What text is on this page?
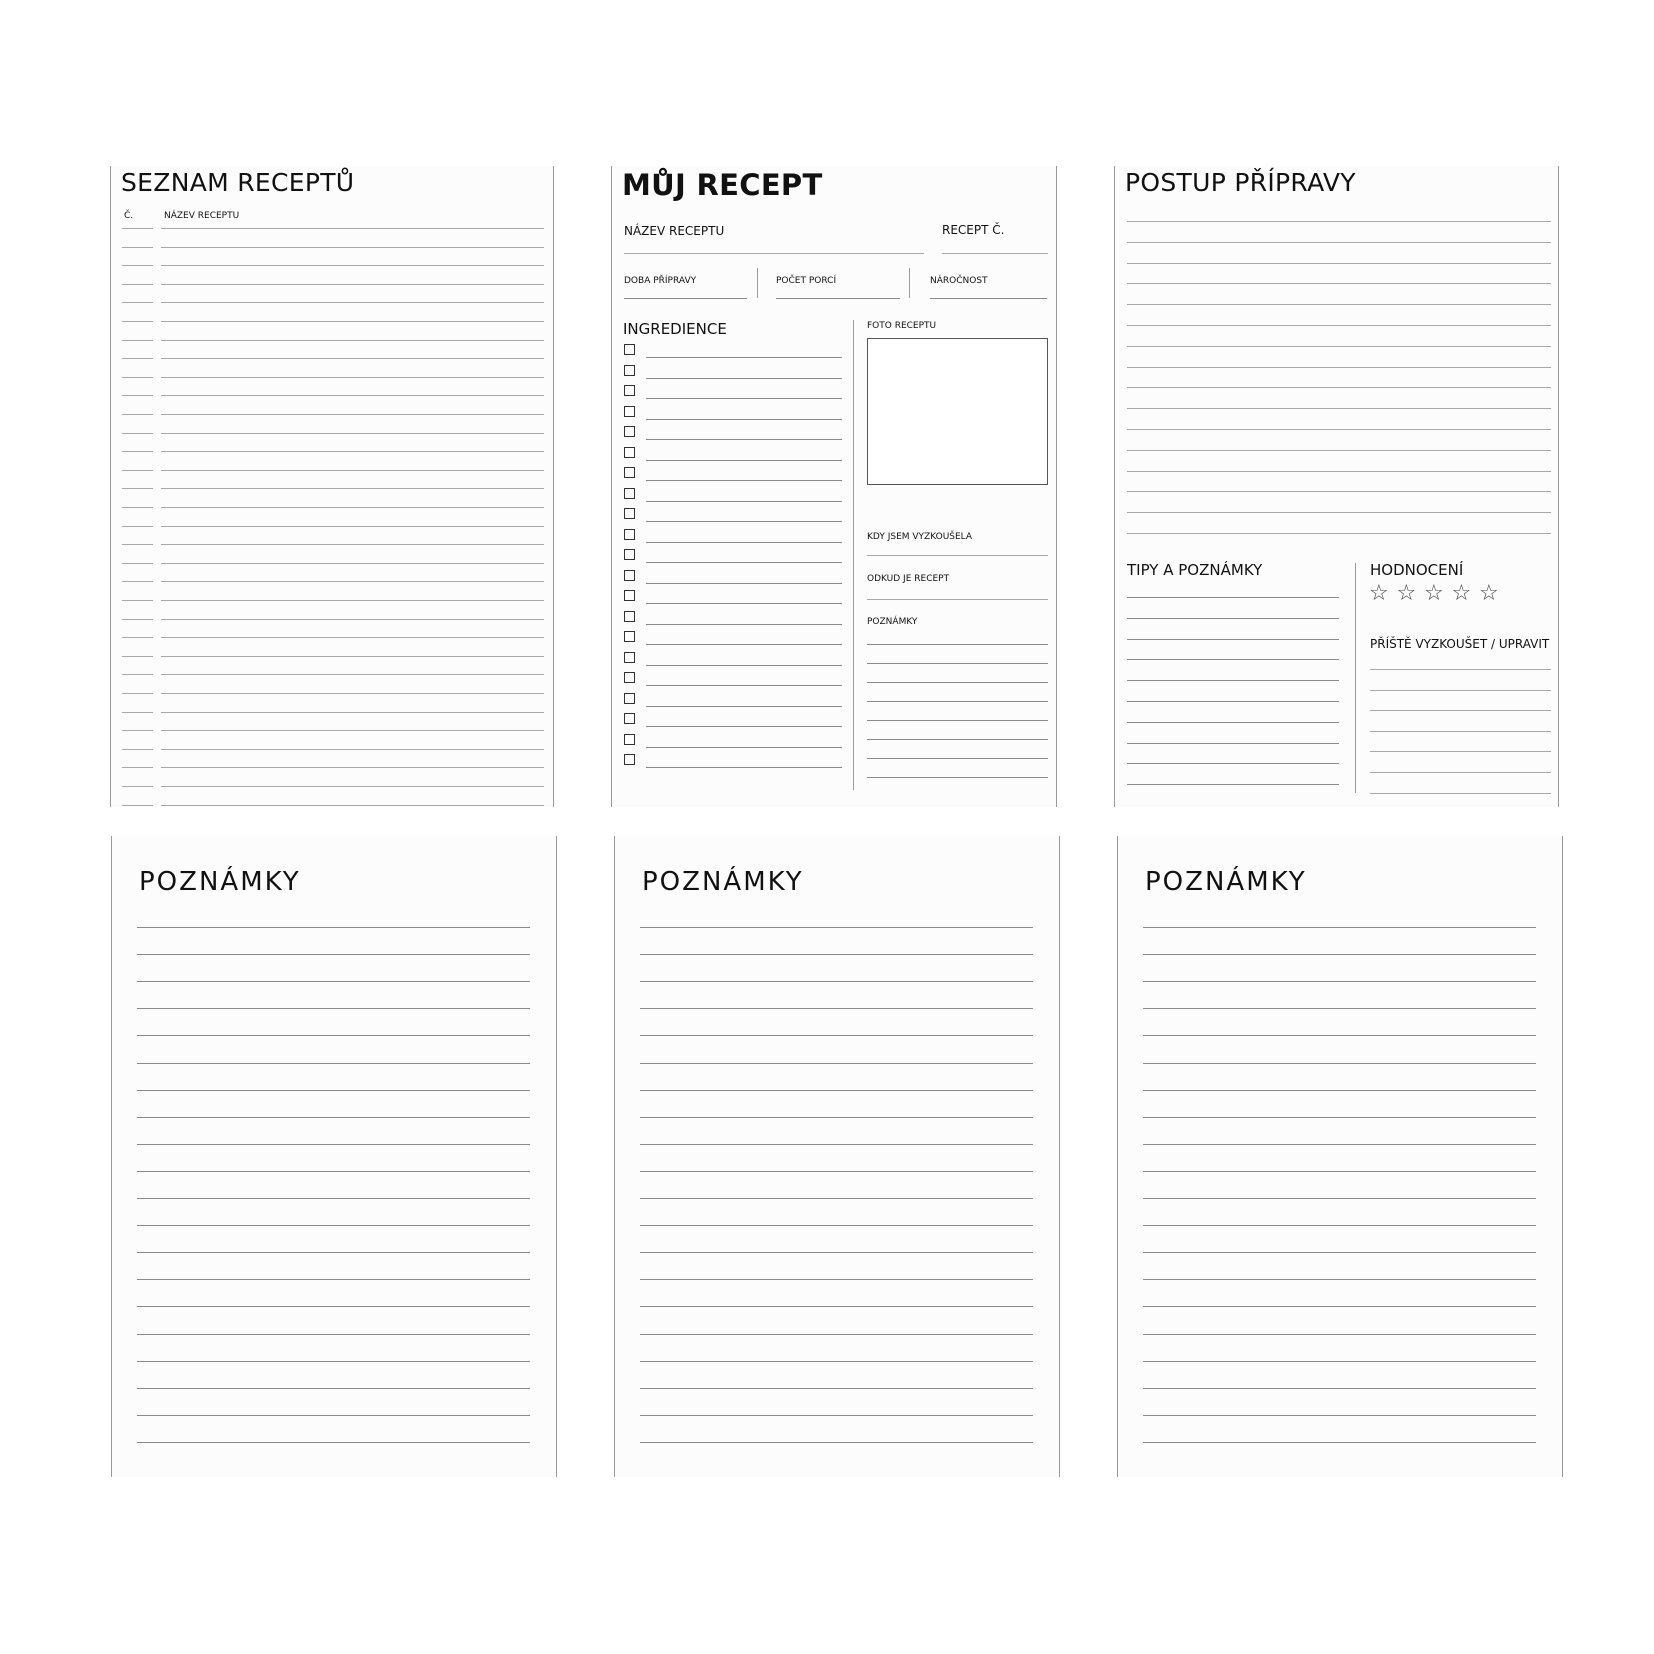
SEZNAM RECEPTŮ
Č.	NÁZEV RECEPTU
MŮJ RECEPT
NÁZEV RECEPTU	RECEPT Č.
DOBA PŘÍPRAVY	POČET PORCÍ	NÁROČNOST
INGREDIENCE	FOTO RECEPTU
KDY JSEM VYZKOUŠELA
ODKUD JE RECEPT
POZNÁMKY
POSTUP PŘÍPRAVY
TIPY A POZNÁMKY	HODNOCENÍ
☆ ☆ ☆ ☆ ☆
PŘÍŠTĚ VYZKOUŠET / UPRAVIT
POZNÁMKY	POZNÁMKY	POZNÁMKY
